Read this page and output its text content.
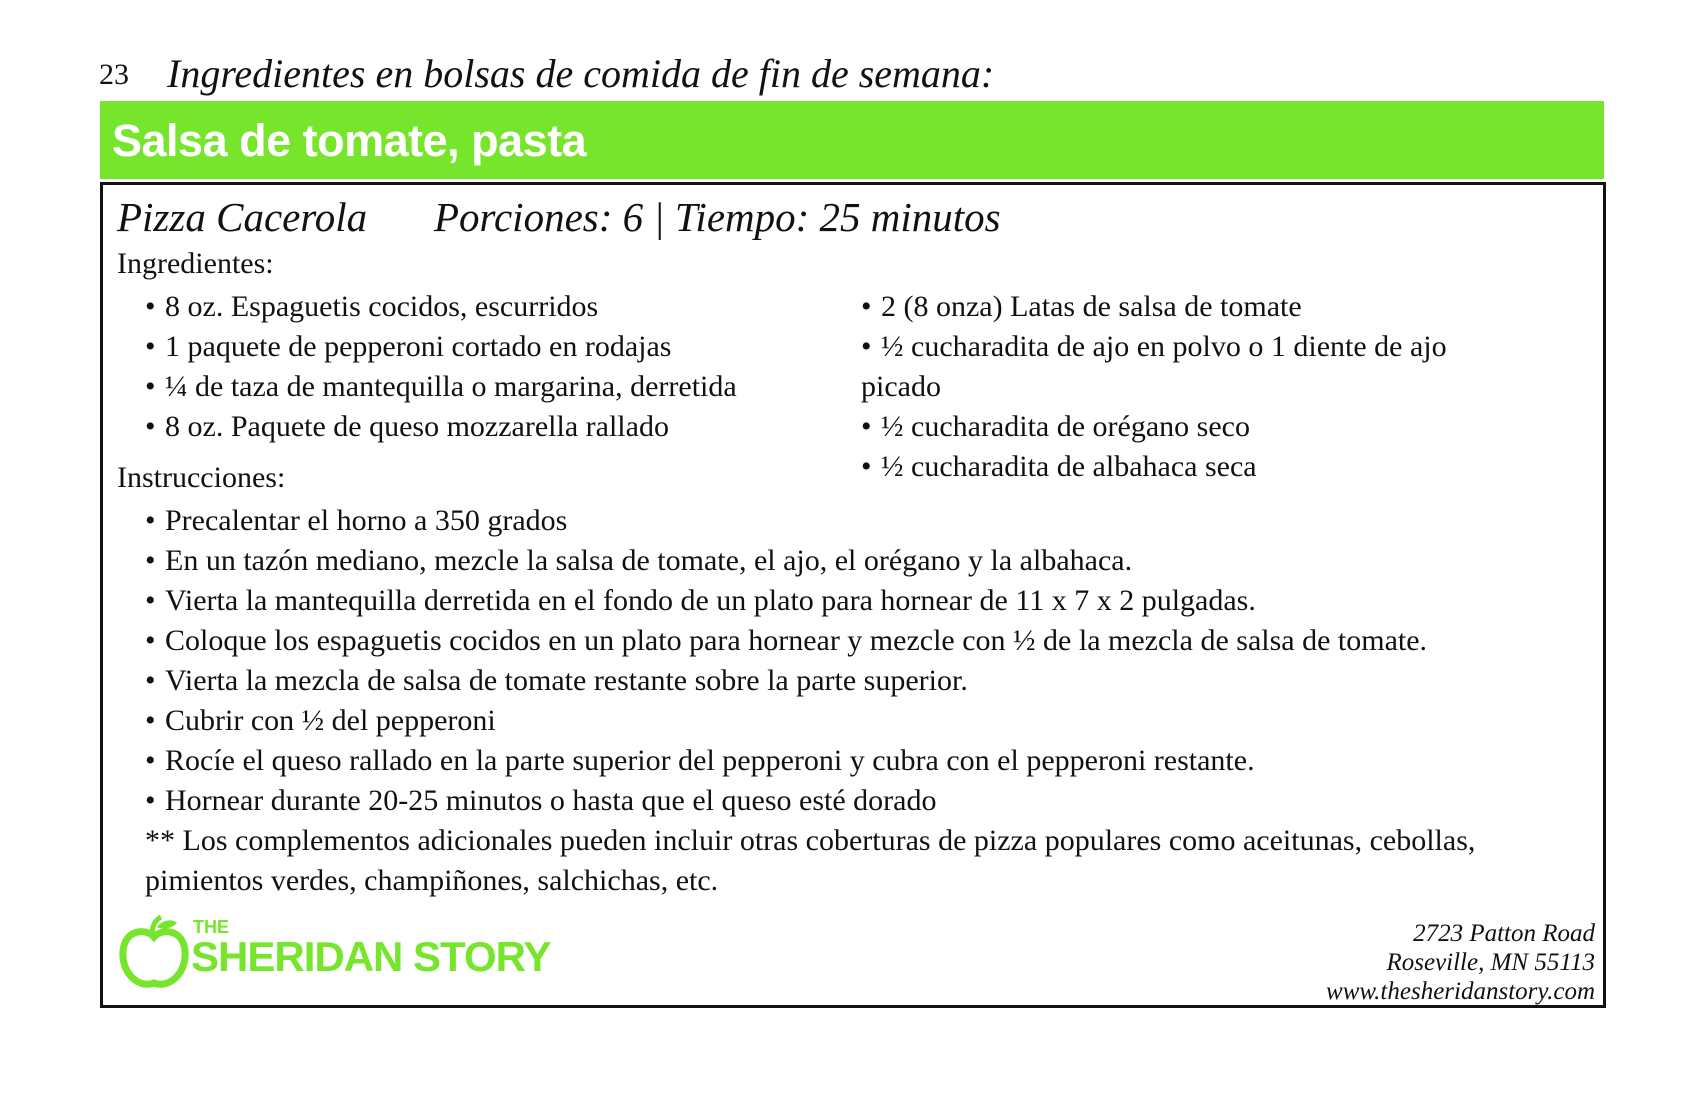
23 Ingredientes en bolsas de comida de fin de semana:
Salsa de tomate, pasta
Pizza Cacerola Porciones: 6 | Tiempo: 25 minutos
Ingredientes:
• 8 oz. Espaguetis cocidos, escurridos
• 1 paquete de pepperoni cortado en rodajas
• ¼ de taza de mantequilla o margarina, derretida
• 8 oz. Paquete de queso mozzarella rallado
• 2 (8 onza) Latas de salsa de tomate
• ½ cucharadita de ajo en polvo o 1 diente de ajo picado
• ½ cucharadita de orégano seco
• ½ cucharadita de albahaca seca
Instrucciones:
• Precalentar el horno a 350 grados
• En un tazón mediano, mezcle la salsa de tomate, el ajo, el orégano y la albahaca.
• Vierta la mantequilla derretida en el fondo de un plato para hornear de 11 x 7 x 2 pulgadas.
• Coloque los espaguetis cocidos en un plato para hornear y mezcle con ½ de la mezcla de salsa de tomate.
• Vierta la mezcla de salsa de tomate restante sobre la parte superior.
• Cubrir con ½ del pepperoni
• Rocíe el queso rallado en la parte superior del pepperoni y cubra con el pepperoni restante.
• Hornear durante 20-25 minutos o hasta que el queso esté dorado
** Los complementos adicionales pueden incluir otras coberturas de pizza populares como aceitunas, cebollas, pimientos verdes, champiñones, salchichas, etc.
THE
SHERIDAN STORY	2723 Patton Road
Roseville, MN 55113
www.thesheridanstory.com
